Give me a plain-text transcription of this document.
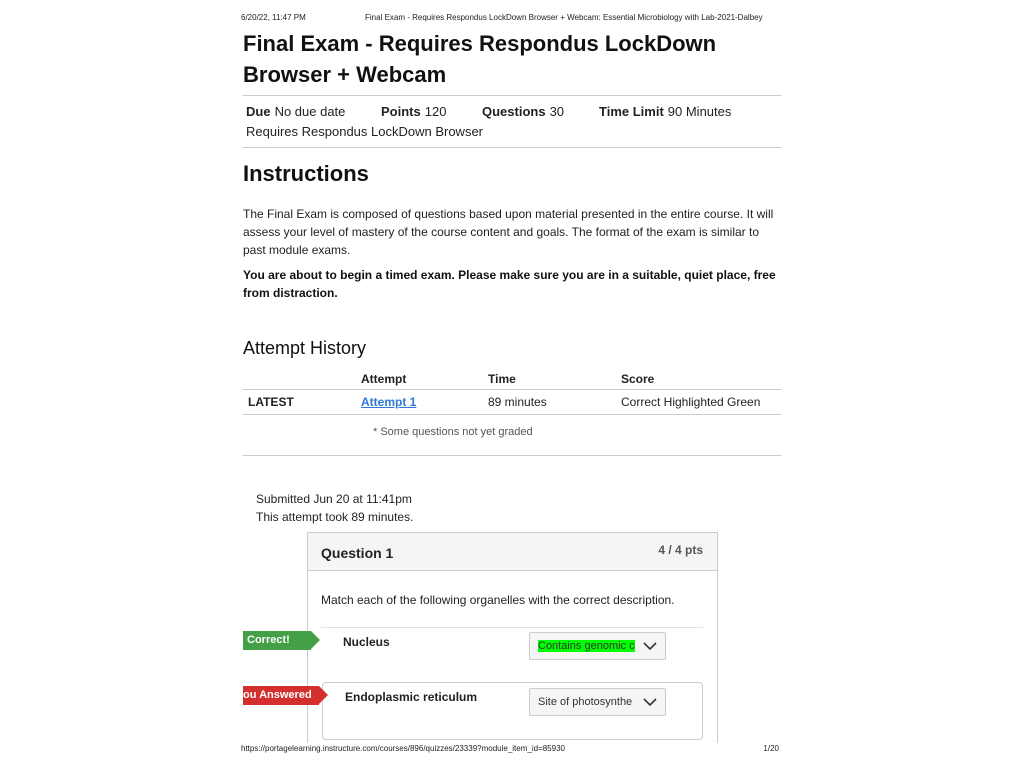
6/20/22, 11:47 PM	Final Exam - Requires Respondus LockDown Browser + Webcam: Essential Microbiology with Lab-2021-Dalbey
Final Exam - Requires Respondus LockDown Browser + Webcam
Due No due date	Points 120	Questions 30	Time Limit 90 Minutes
Requires Respondus LockDown Browser
Instructions

The Final Exam is composed of questions based upon material presented in the entire course. It will assess your level of mastery of the course content and goals. The format of the exam is similar to past module exams.

You are about to begin a timed exam. Please make sure you are in a suitable, quiet place, free from distraction.

Attempt History
	Attempt	Time	Score
LATEST	Attempt 1	89 minutes	Correct Highlighted Green
* Some questions not yet graded
Submitted Jun 20 at 11:41pm
This attempt took 89 minutes.
Question 1	4 / 4 pts
Match each of the following organelles with the correct description.
Nucleus	Contains genomic c
Endoplasmic reticulum	Site of photosynthe
Correct!
ou Answered
https://portagelearning.instructure.com/courses/896/quizzes/23339?module_item_id=85930	1/20
